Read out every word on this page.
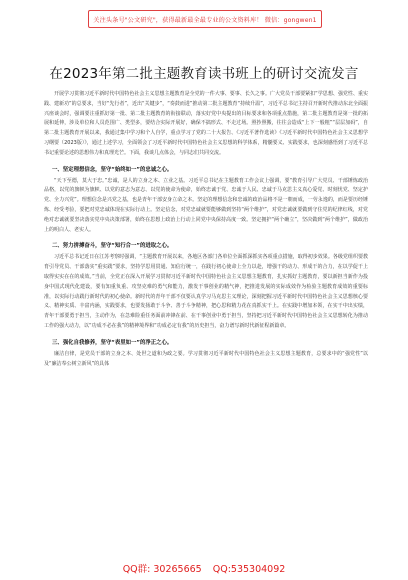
关注头条号"公文研究"，获得最新最全最专业的公文资料库！ 微信：gongwen1
在2023年第二批主题教育读书班上的研讨交流发言

开展学习贯彻习近平新时代中国特色社会主义思想主题教育是全党的一件大事、要事、长久之事。广大党员干部要紧扣“学思想、强党性、重实践、建新功”的总要求，当好“先行者”，近出“关键步”，“奏鼓而进”推动第二批主题教育“持续升温”，习近平总书记主持召开新时代推动东北全面振兴座谈会时，强调要注重抓好第一批、第二批主题教育的衔接联动，落实好党中央提出的目标要求和各项重点措施，第二批主题教育是第一批的拓展和延伸，涉及单位和人员范围广、类型多，要结合实际开展好，确保不搞形式、不走过场。照抄照搬，往往会造成“上下一般粗”“层层加码”，自第二批主题教育开展以来，我通过集中学习和个人自学，重点学习了党的二十大报告、《习近平著作选读》《习近平新时代中国特色社会主义思想学习纲要（2023版）》，通过上述学习，全面领会了习近平新时代中国特色社会主义思想的科学体系，精髓要义、实践要求，也深刻感悟到了习近平总书记重要论述的思想伟力和真理光芒。下面，我谈几点体会，与同志们共同交流。

一、坚定理想信念，坚守“始终如一”的忠诚之心。

“天下至德，莫大于忠。”忠诚，是人的立身之本、立业之基。习近平总书记在主题教育工作会议上强调，要“教育引导广大党员、干部锤炼政治品格，以党的旗帜为旗帜、以党的意志为意志、以党的使命为使命，始终忠诚于党、忠诚于人民、忠诚于马克思主义真心爱党、时刻忧党、坚定护党、全力兴党”。理想信念是兴党之基，也是青年干部安身立命之本。坚定的理想信念和忠诚的政治品格不是一朝而成，一劳永逸的，而是要历经锤炼、经受考验，要把对党忠诚体现在实际行动上。坚定信念，对党忠诚就要能够做到坚持“两个维护”，对党忠诚就要做到守住党的纪律红线，对党绝对忠诚就要坚决落实党中央决策部署，始终在思想上政治上行动上同党中央保持高度一致。坚定拥护“两个确立”，坚决做到“两个维护”，做政治上的明白人、老实人。

二、努力拼搏奋斗，坚守“知行合一”的进取之心。

习近平总书记近日在江苏考察时强调，“主题教育开展以来，各地区各部门各单位全面抓深抓实各项重点措施，取得初步效果。各级党组织要教育引导党员、干部落实“重实践”要求，坚持学思用贯通、知信行统一，在践行初心使命上全力以赴，增强干的动力、形成干的合力，在以学促干上取得实实在在的成效。”当前，全党正在深入开展学习贯彻习近平新时代中国特色社会主义思想主题教育，扎实抓好主题教育，要以新担当新作为投身中国式现代化建设，要有知重负重、攻坚克难的勇气和能力，激发干事创业的精气神，把推进发展的实际成效作为检验主题教育成效的重要标准，以实际行动践行新时代的初心使命。新时代的青年干部不仅要认真学习马克思主义理论，深刻把握习近平新时代中国特色社会主义思想核心要义、精神实质、丰富内涵，实践要求，也要发扬敢于斗争、善于斗争精神，把心思和精力花在真抓实干上。在实践中增加本领，在实干中出实绩，青年干部要勇于担当，主动作为，在急难险重任务面前冲锋在前、在干事创业中勇于担当，坚持把习近平新时代中国特色社会主义思想转化为推动工作的强大动力，以“功成不必在我”的精神境界和“功成必定有我”的历史担当，奋力谱写新时代新征程新篇章。

三、强化自我修养，坚守“表里如一”的净正之心。

廉洁自律，是党员干部的立身之本、处世之道和为政之要。学习贯彻习近平新时代中国特色社会主义思想主题教育，总要求中的“强党性”以及“廉洁奉公树立新风”的具体

QQ群: 30265665 QQ:535304092
